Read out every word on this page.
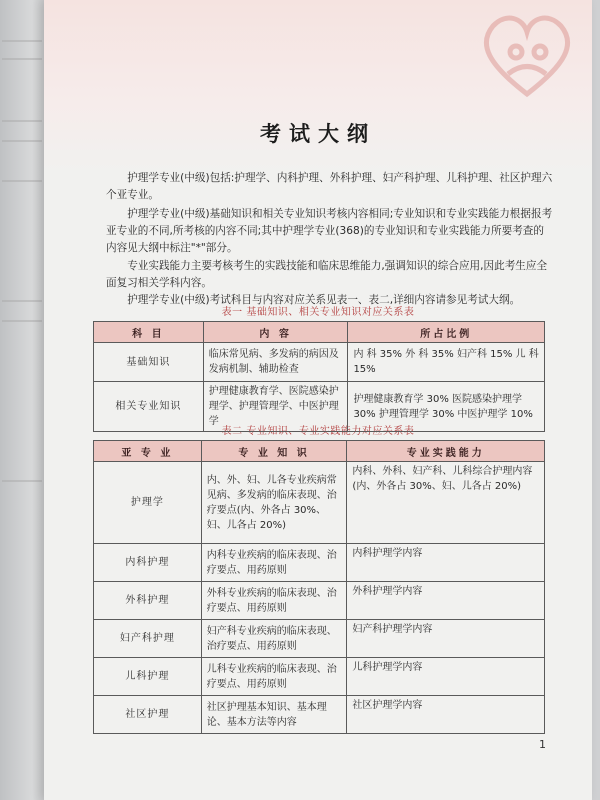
考试大纲
护理学专业(中级)包括:护理学、内科护理、外科护理、妇产科护理、儿科护理、社区护理六个亚专业。
护理学专业(中级)基础知识和相关专业知识考核内容相同;专业知识和专业实践能力根据报考亚专业的不同,所考核的内容不同;其中护理学专业(368)的专业知识和专业实践能力所要考查的内容见大纲中标注"*"部分。
专业实践能力主要考核考生的实践技能和临床思维能力,强调知识的综合应用,因此考生应全面复习相关学科内容。
护理学专业(中级)考试科目与内容对应关系见表一、表二,详细内容请参见考试大纲。
表一 基础知识、相关专业知识对应关系表
表二 专业知识、专业实践能力对应关系表
1
科 目	内 容	所占比例
基础知识	临床常见病、多发病的病因及发病机制、辅助检查	内 科 35% 外 科 35% 妇产科 15% 儿 科 15%
相关专业知识	护理健康教育学、医院感染护理学、护理管理学、中医护理学	护理健康教育学 30% 医院感染护理学 30% 护理管理学 30% 中医护理学 10%
亚 专 业	专 业 知 识	专业实践能力
护理学	内、外、妇、儿各专业疾病常见病、多发病的临床表现、治疗要点(内、外各占 30%、妇、儿各占 20%)	内科、外科、妇产科、儿科综合护理内容(内、外各占 30%、妇、儿各占 20%)
内科护理	内科专业疾病的临床表现、治疗要点、用药原则	内科护理学内容
外科护理	外科专业疾病的临床表现、治疗要点、用药原则	外科护理学内容
妇产科护理	妇产科专业疾病的临床表现、治疗要点、用药原则	妇产科护理学内容
儿科护理	儿科专业疾病的临床表现、治疗要点、用药原则	儿科护理学内容
社区护理	社区护理基本知识、基本理论、基本方法等内容	社区护理学内容
